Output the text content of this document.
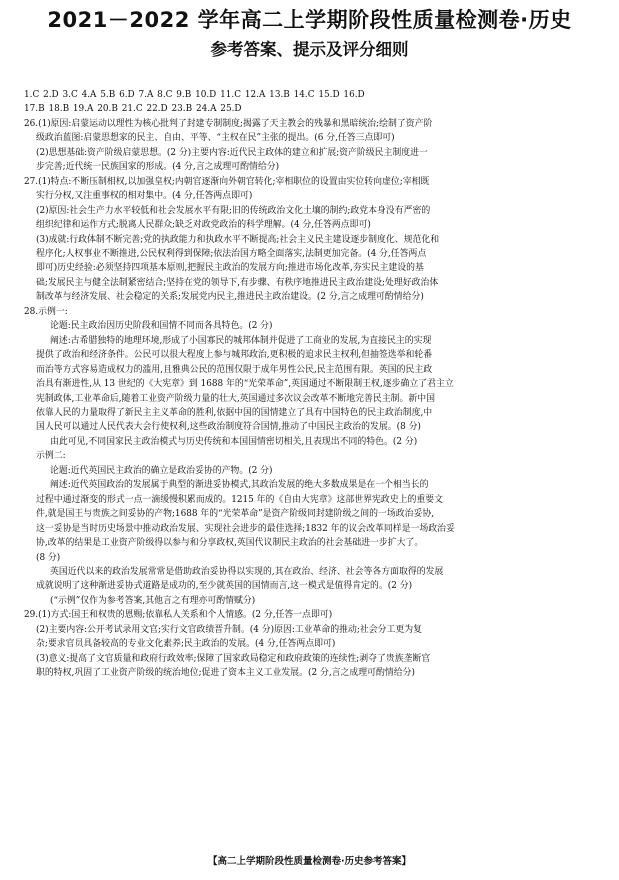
2021－2022 学年高二上学期阶段性质量检测卷·历史
参考答案、提示及评分细则
1.C 2.D 3.C 4.A 5.B 6.D 7.A 8.C 9.B 10.D 11.C 12.A 13.B 14.C 15.D 16.D
17.B 18.B 19.A 20.B 21.C 22.D 23.B 24.A 25.D
26.(1)原因:启蒙运动以理性为核心批判了封建专制制度;揭露了天主教会的残暴和黑暗统治;绘制了资产阶
级政治蓝图:启蒙思想家的民主、自由、平等、“主权在民”主张的提出。(6 分,任答三点即可)
(2)思想基础:资产阶级启蒙思想。(2 分)主要内容:近代民主政体的建立和扩展;资产阶级民主制度进一
步完善;近代统一民族国家的形成。(4 分,言之成理可酌情给分)
27.(1)特点:不断压制相权,以加强皇权;内朝官逐渐向外朝官转化;宰相职位的设置由实位转向虚位;宰相既
实行分权,又注重事权的相对集中。(4 分,任答两点即可)
(2)原因:社会生产力水平较低和社会发展水平有限;旧的传统政治文化土壤的制约;政党本身没有严密的
组织纪律和运作方式;脱离人民群众;缺乏对政党政治的科学理解。(4 分,任答两点即可)
(3)成就:行政体制不断完善;党的执政能力和执政水平不断提高;社会主义民主建设逐步制度化、规范化和
程序化;人权事业不断推进,公民权利得到保障;依法治国方略全面落实,法制更加完备。(4 分,任答两点
即可)历史经验:必须坚持四项基本原则,把握民主政治的发展方向;推进市场化改革,夯实民主建设的基
础;发展民主与健全法制紧密结合;坚持在党的领导下,有步骤、有秩序地推进民主政治建设;处理好政治体
制改革与经济发展、社会稳定的关系;发展党内民主,推进民主政治建设。(2 分,言之成理可酌情给分)
28.示例一:
论题:民主政治因历史阶段和国情不同而各具特色。(2 分)
阐述:古希腊独特的地理环境,形成了小国寡民的城邦体制并促进了工商业的发展,为直接民主的实现
提供了政治和经济条件。公民可以很大程度上参与城邦政治,更积极的追求民主权利,但抽签选举和轮番
而治等方式容易造成权力的滥用,且雅典公民的范围仅限于成年男性公民,民主范围有限。英国的民主政
治具有渐进性,从 13 世纪的《大宪章》到 1688 年的“光荣革命”,英国通过不断限制王权,逐步确立了君主立
宪制政体,工业革命后,随着工业资产阶级力量的壮大,英国通过多次议会改革不断地完善民主制。新中国
依靠人民的力量取得了新民主主义革命的胜利,依据中国的国情建立了具有中国特色的民主政治制度,中
国人民可以通过人民代表大会行使权利,这些政治制度符合国情,推动了中国民主政治的发展。(8 分)
由此可见,不同国家民主政治模式与历史传统和本国国情密切相关,且表现出不同的特色。(2 分)
示例二:
论题:近代英国民主政治的确立是政治妥协的产物。(2 分)
阐述:近代英国政治的发展属于典型的渐进妥协模式,其政治发展的绝大多数成果是在一个相当长的
过程中通过渐变的形式一点一滴缓慢积累而成的。1215 年的《自由大宪章》这部世界宪政史上的重要文
件,就是国王与贵族之间妥协的产物;1688 年的“光荣革命”是资产阶级同封建阶级之间的一场政治妥协,
这一妥协是当时历史场景中推动政治发展、实现社会进步的最佳选择;1832 年的议会改革同样是一场政治妥
协,改革的结果是工业资产阶级得以参与和分享政权,英国代议制民主政治的社会基础进一步扩大了。
(8 分)
英国近代以来的政治发展常常是借助政治妥协得以实现的,其在政治、经济、社会等各方面取得的发展
成就说明了这种渐进妥协式道路是成功的,至少就英国的国情而言,这一模式是值得肯定的。(2 分)
(“示例”仅作为参考答案,其他言之有理亦可酌情赋分)
29.(1)方式:国王和权贵的恩赐;依靠私人关系和个人情感。(2 分,任答一点即可)
(2)主要内容:公开考试录用文官;实行文官政绩晋升制。(4 分)原因:工业革命的推动;社会分工更为复
杂;要求官员具备较高的专业文化素养;民主政治的发展。(4 分,任答两点即可)
(3)意义:提高了文官质量和政府行政效率;保障了国家政局稳定和政府政策的连续性;剥夺了贵族垄断官
职的特权,巩固了工业资产阶级的统治地位;促进了资本主义工业发展。(2 分,言之成理可酌情给分)
【高二上学期阶段性质量检测卷·历史参考答案】
